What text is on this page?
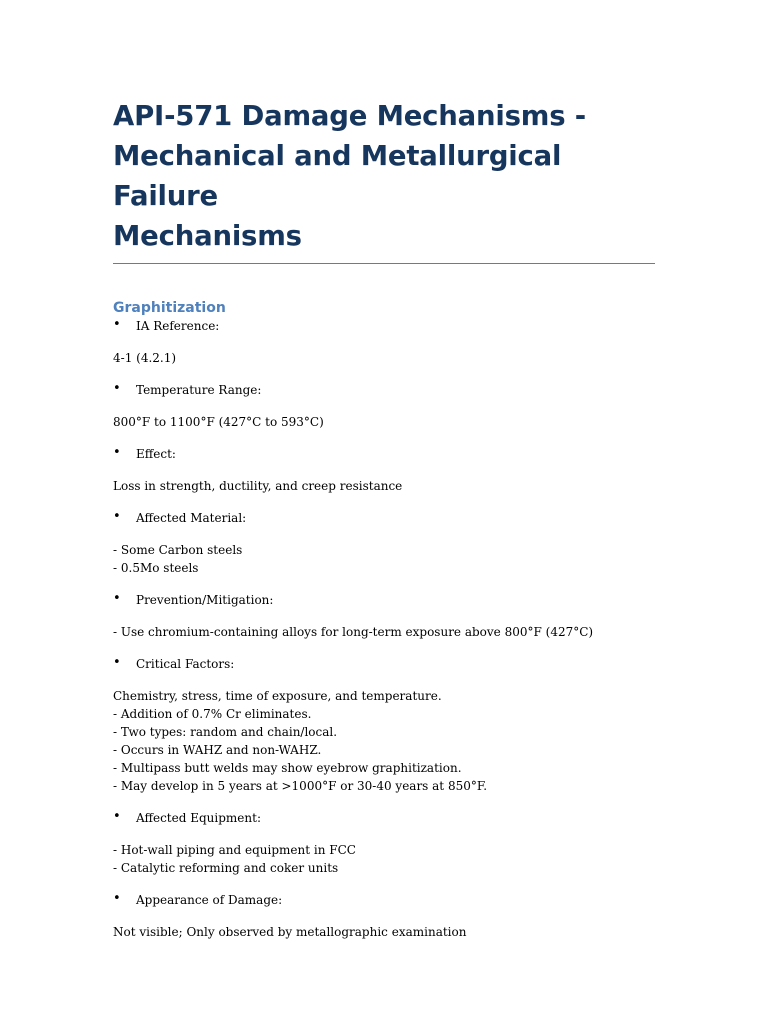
API-571 Damage Mechanisms -
Mechanical and Metallurgical Failure
Mechanisms
Graphitization
• IA Reference:
4-1 (4.2.1)
• Temperature Range:
800°F to 1100°F (427°C to 593°C)
• Effect:
Loss in strength, ductility, and creep resistance
• Affected Material:
- Some Carbon steels
- 0.5Mo steels
• Prevention/Mitigation:
- Use chromium-containing alloys for long-term exposure above 800°F (427°C)
• Critical Factors:
Chemistry, stress, time of exposure, and temperature.
- Addition of 0.7% Cr eliminates.
- Two types: random and chain/local.
- Occurs in WAHZ and non-WAHZ.
- Multipass butt welds may show eyebrow graphitization.
- May develop in 5 years at >1000°F or 30-40 years at 850°F.
• Affected Equipment:
- Hot-wall piping and equipment in FCC
- Catalytic reforming and coker units
• Appearance of Damage:
Not visible; Only observed by metallographic examination
